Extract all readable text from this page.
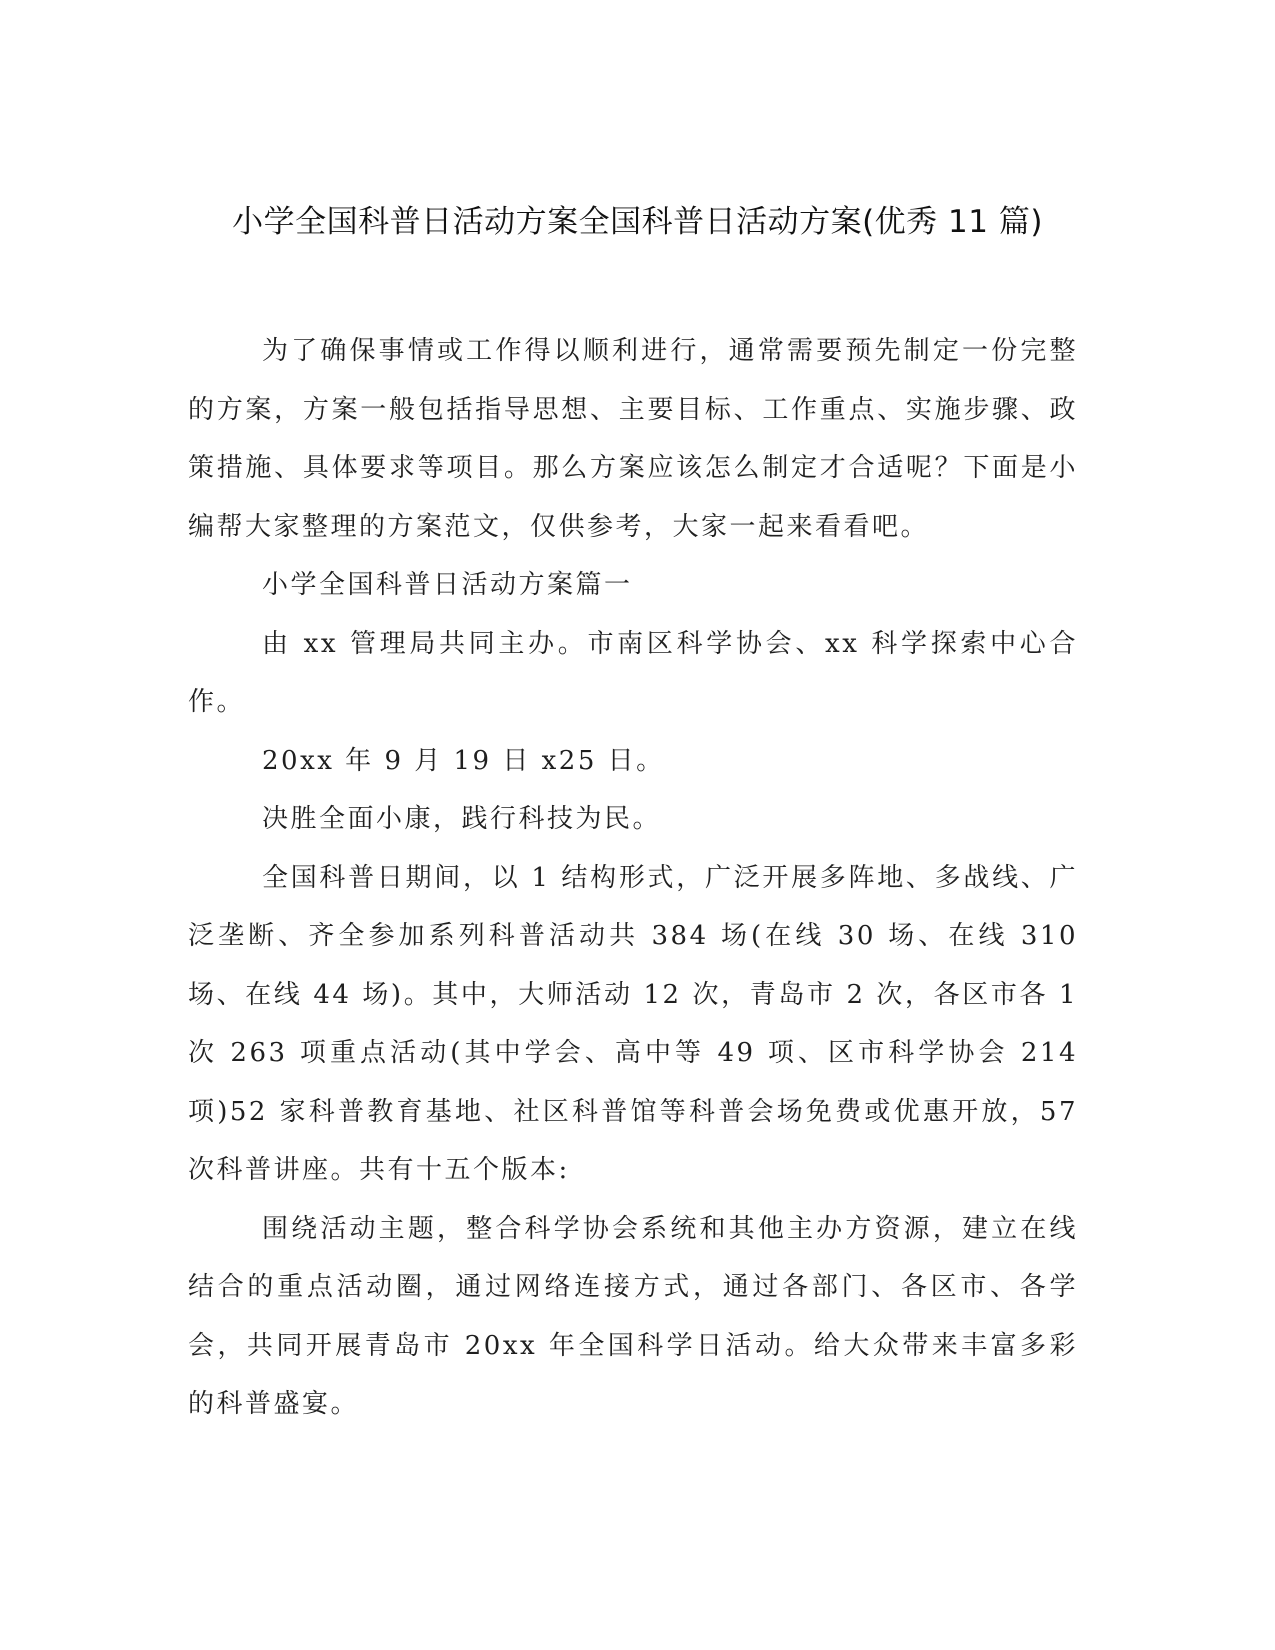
小学全国科普日活动方案全国科普日活动方案(优秀 11 篇)

为了确保事情或工作得以顺利进行，通常需要预先制定一份完整的方案，方案一般包括指导思想、主要目标、工作重点、实施步骤、政策措施、具体要求等项目。那么方案应该怎么制定才合适呢？下面是小编帮大家整理的方案范文，仅供参考，大家一起来看看吧。

小学全国科普日活动方案篇一

由 xx 管理局共同主办。市南区科学协会、xx 科学探索中心合作。

20xx 年 9 月 19 日 x25 日。

决胜全面小康，践行科技为民。

全国科普日期间，以 1 结构形式，广泛开展多阵地、多战线、广泛垄断、齐全参加系列科普活动共 384 场(在线 30 场、在线 310 场、在线 44 场)。其中，大师活动 12 次，青岛市 2 次，各区市各 1 次 263 项重点活动(其中学会、高中等 49 项、区市科学协会 214 项)52 家科普教育基地、社区科普馆等科普会场免费或优惠开放，57 次科普讲座。共有十五个版本:

围绕活动主题，整合科学协会系统和其他主办方资源，建立在线结合的重点活动圈，通过网络连接方式，通过各部门、各区市、各学会，共同开展青岛市 20xx 年全国科学日活动。给大众带来丰富多彩的科普盛宴。
